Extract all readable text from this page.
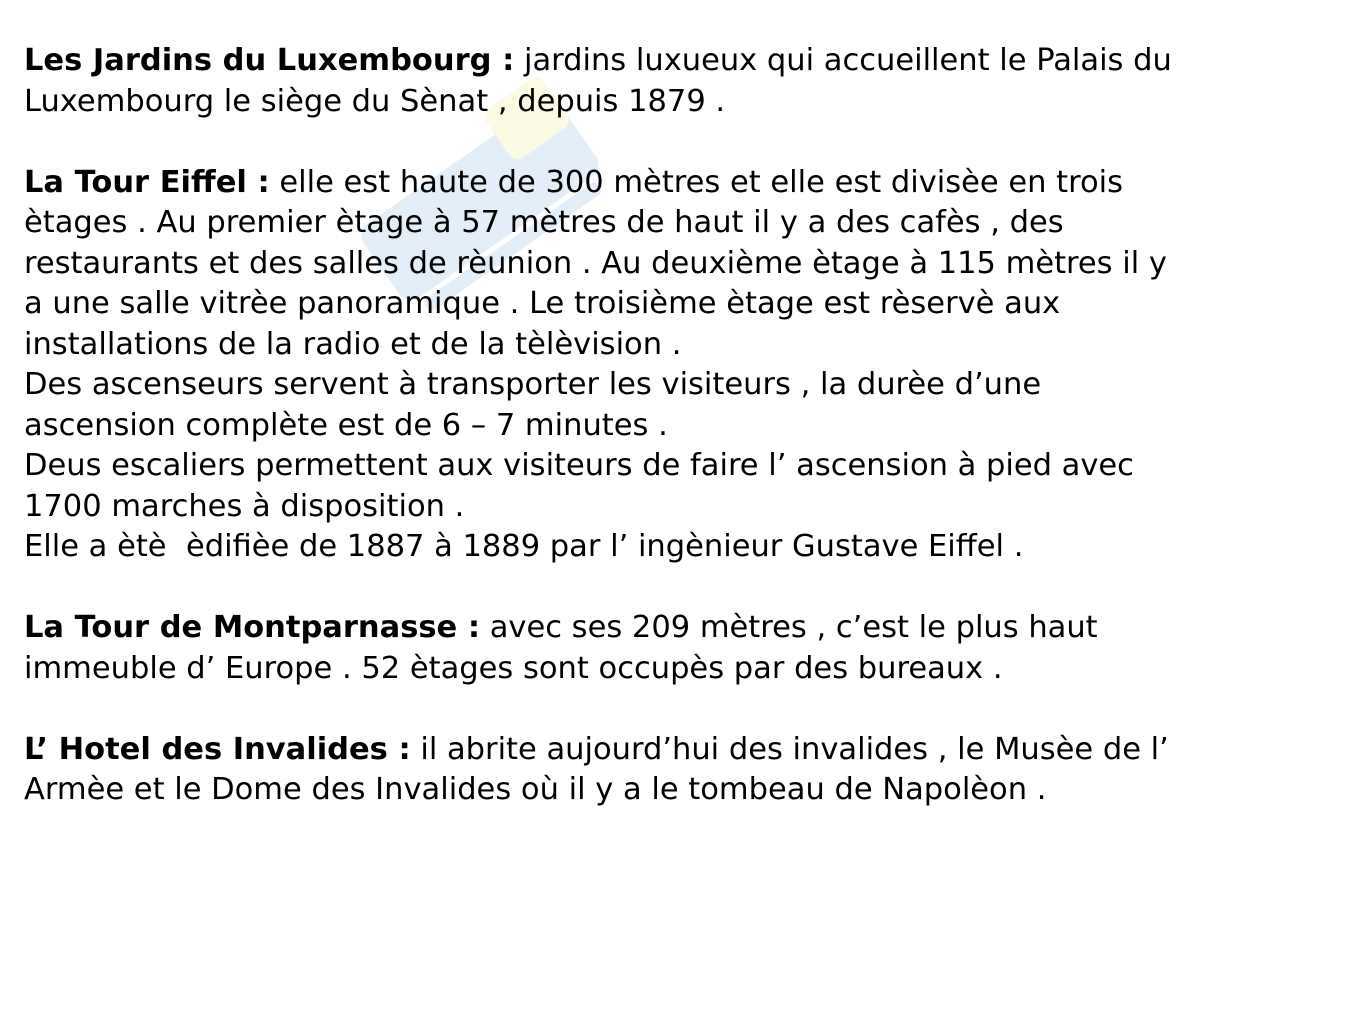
Les Jardins du Luxembourg : jardins luxueux qui accueillent le Palais du
Luxembourg le siège du Sènat , depuis 1879 .

La Tour Eiffel : elle est haute de 300 mètres et elle est divisèe en trois
ètages . Au premier ètage à 57 mètres de haut il y a des cafès , des
restaurants et des salles de rèunion . Au deuxième ètage à 115 mètres il y
a une salle vitrèe panoramique . Le troisième ètage est rèservè aux
installations de la radio et de la tèlèvision .

Des ascenseurs servent à transporter les visiteurs , la durèe d’une
ascension complète est de 6 – 7 minutes .

Deus escaliers permettent aux visiteurs de faire l’ ascension à pied avec
1700 marches à disposition .

Elle a ètè  èdifièe de 1887 à 1889 par l’ ingènieur Gustave Eiffel .

La Tour de Montparnasse : avec ses 209 mètres , c’est le plus haut
immeuble d’ Europe . 52 ètages sont occupès par des bureaux .

L’ Hotel des Invalides : il abrite aujourd’hui des invalides , le Musèe de l’
Armèe et le Dome des Invalides où il y a le tombeau de Napolèon .
